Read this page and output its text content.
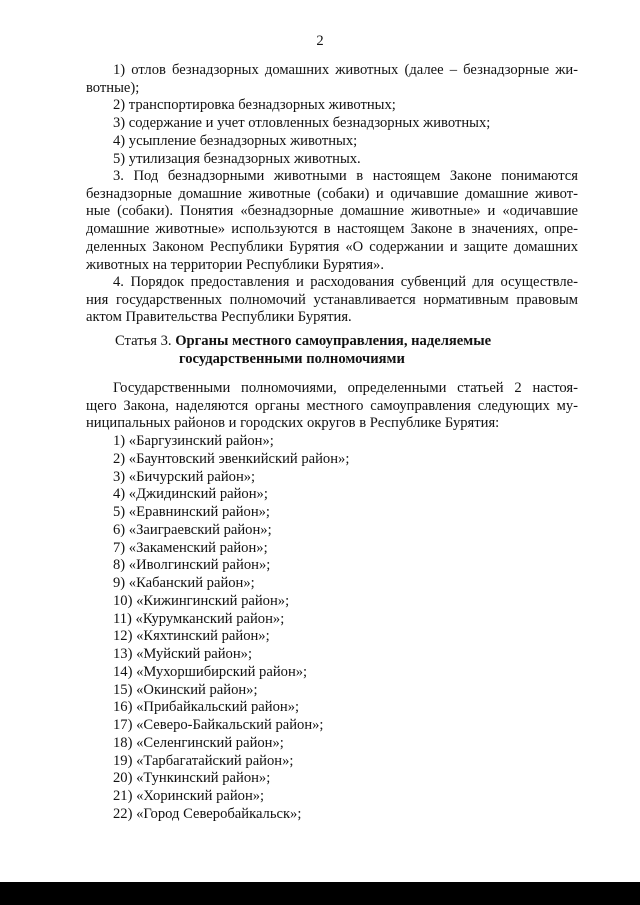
2
1) отлов безнадзорных домашних животных (далее – безнадзорные жи-
вотные);
2) транспортировка безнадзорных животных;
3) содержание и учет отловленных безнадзорных животных;
4) усыпление безнадзорных животных;
5) утилизация безнадзорных животных.
3. Под безнадзорными животными в настоящем Законе понимаются
безнадзорные домашние животные (собаки) и одичавшие домашние живот-
ные (собаки). Понятия «безнадзорные домашние животные» и «одичавшие
домашние животные» используются в настоящем Законе в значениях, опре-
деленных Законом Республики Бурятия «О содержании и защите домашних
животных на территории Республики Бурятия».
4. Порядок предоставления и расходования субвенций для осуществле-
ния государственных полномочий устанавливается нормативным правовым
актом Правительства Республики Бурятия.
Статья 3. Органы местного самоуправления, наделяемые
государственными полномочиями
Государственными полномочиями, определенными статьей 2 настоя-
щего Закона, наделяются органы местного самоуправления следующих му-
ниципальных районов и городских округов в Республике Бурятия:
1) «Баргузинский район»;
2) «Баунтовский эвенкийский район»;
3) «Бичурский район»;
4) «Джидинский район»;
5) «Еравнинский район»;
6) «Заиграевский район»;
7) «Закаменский район»;
8) «Иволгинский район»;
9) «Кабанский район»;
10) «Кижингинский район»;
11) «Курумканский район»;
12) «Кяхтинский район»;
13) «Муйский район»;
14) «Мухоршибирский район»;
15) «Окинский район»;
16) «Прибайкальский район»;
17) «Северо-Байкальский район»;
18) «Селенгинский район»;
19) «Тарбагатайский район»;
20) «Тункинский район»;
21) «Хоринский район»;
22) «Город Северобайкальск»;
